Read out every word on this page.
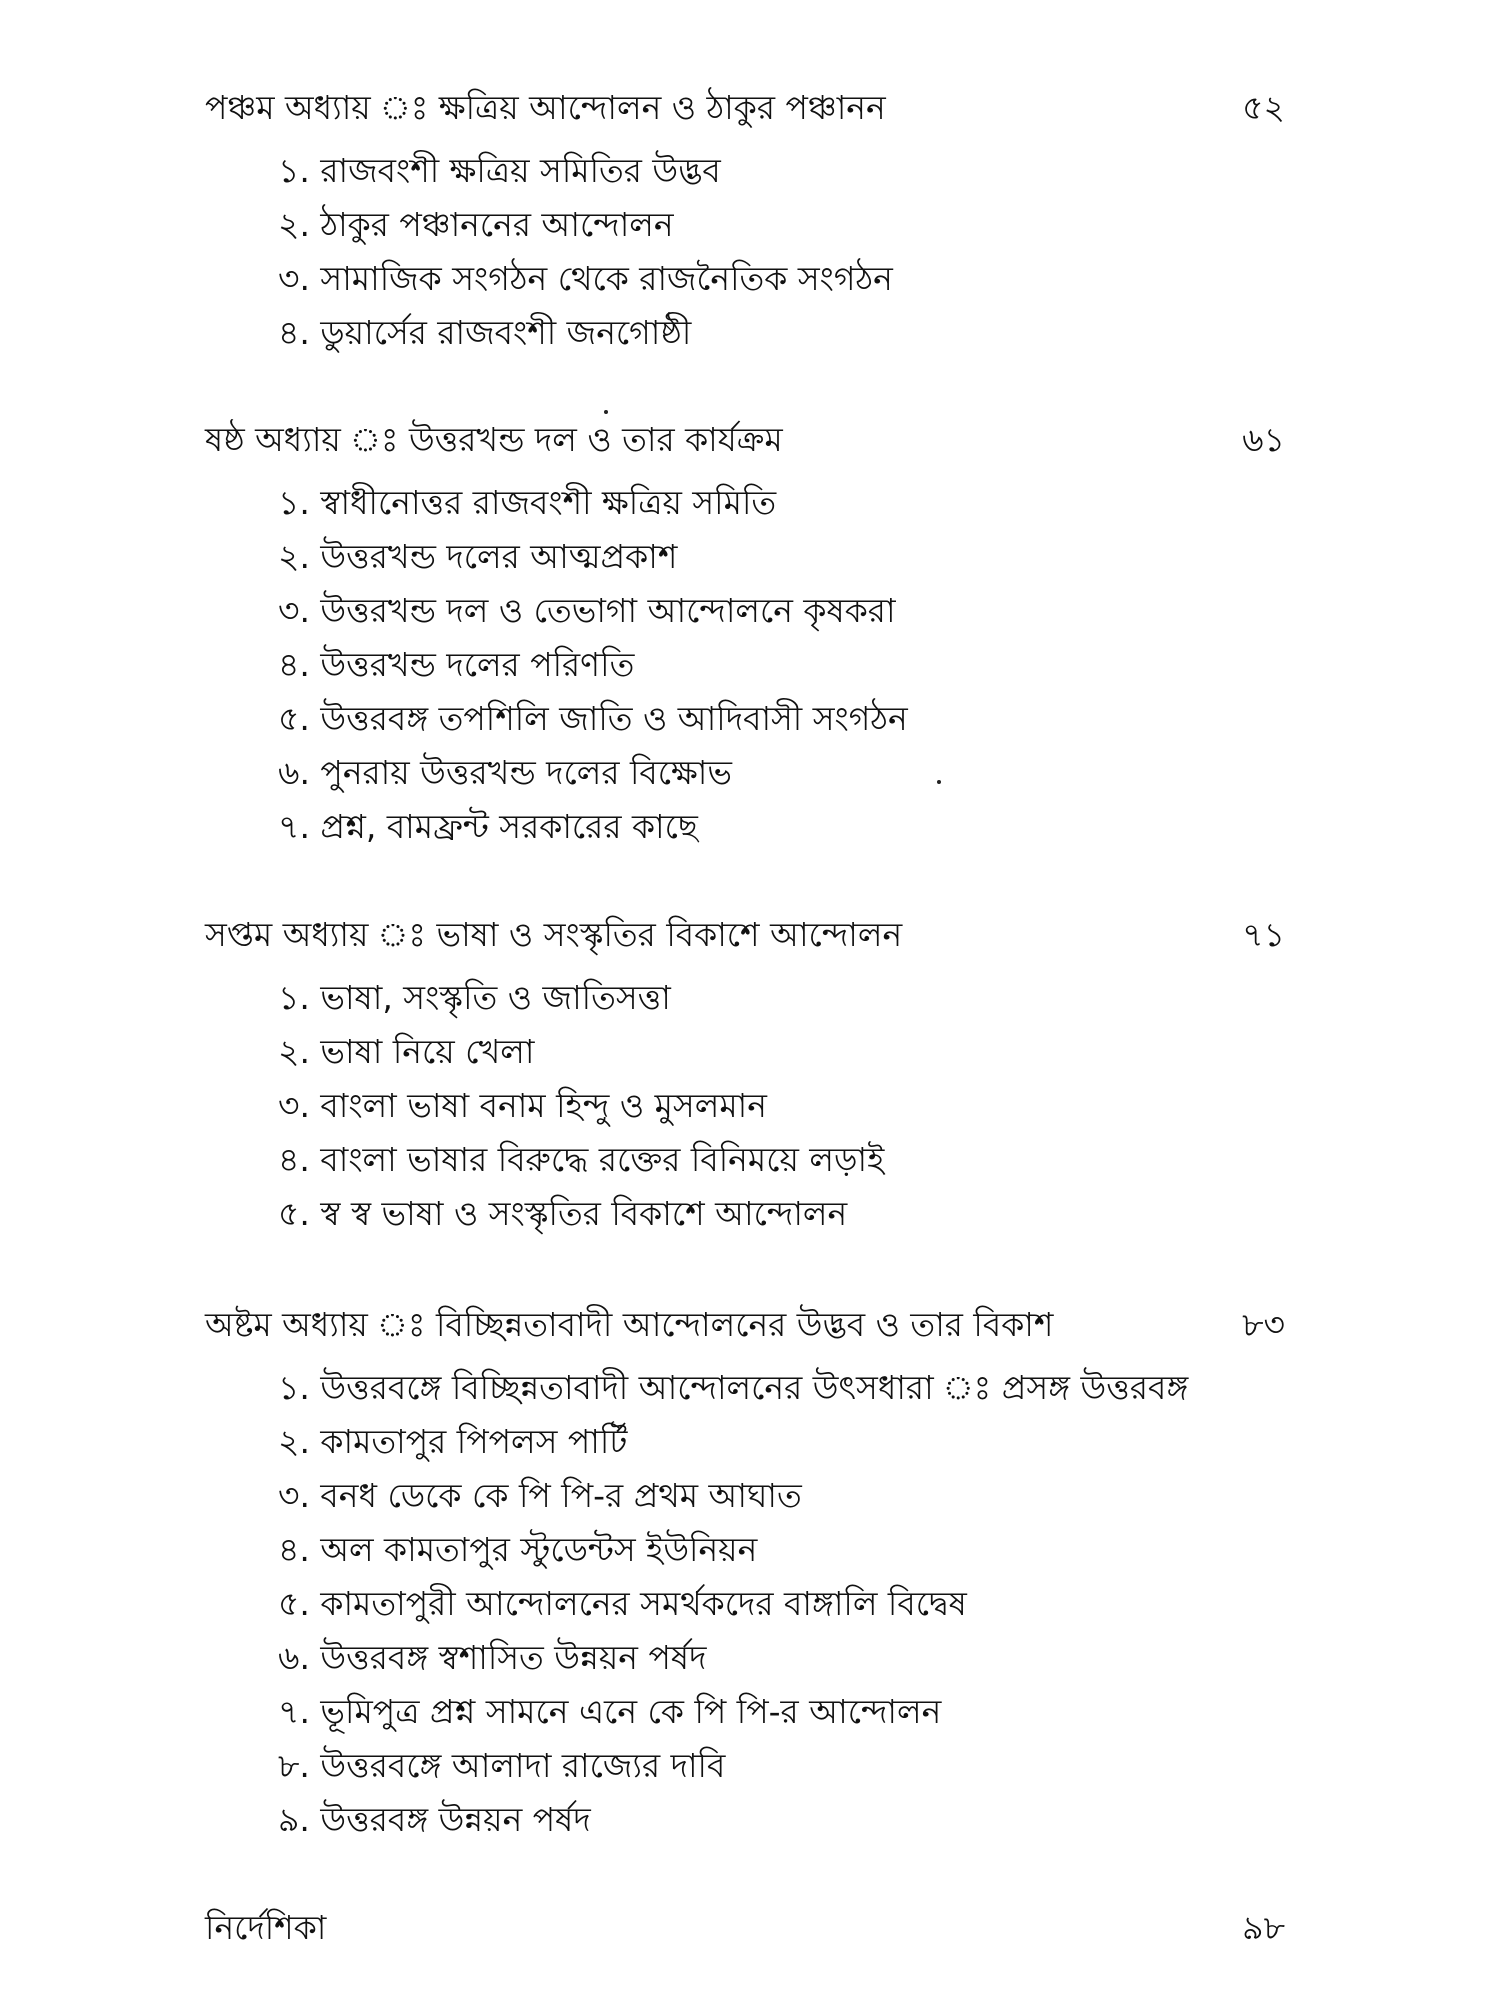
পঞ্চম অধ্যায় ঃ ক্ষত্রিয় আন্দোলন ও ঠাকুর পঞ্চানন	৫২
১. রাজবংশী ক্ষত্রিয় সমিতির উদ্ভব
২. ঠাকুর পঞ্চাননের আন্দোলন
৩. সামাজিক সংগঠন থেকে রাজনৈতিক সংগঠন
৪. ডুয়ার্সের রাজবংশী জনগোষ্ঠী
ষষ্ঠ অধ্যায় ঃ উত্তরখন্ড দল ও তার কার্যক্রম	৬১
১. স্বাধীনোত্তর রাজবংশী ক্ষত্রিয় সমিতি
২. উত্তরখন্ড দলের আত্মপ্রকাশ
৩. উত্তরখন্ড দল ও তেভাগা আন্দোলনে কৃষকরা
৪. উত্তরখন্ড দলের পরিণতি
৫. উত্তরবঙ্গ তপশিলি জাতি ও আদিবাসী সংগঠন
৬. পুনরায় উত্তরখন্ড দলের বিক্ষোভ
৭. প্রশ্ন, বামফ্রন্ট সরকারের কাছে
সপ্তম অধ্যায় ঃ ভাষা ও সংস্কৃতির বিকাশে আন্দোলন	৭১
১. ভাষা, সংস্কৃতি ও জাতিসত্তা
২. ভাষা নিয়ে খেলা
৩. বাংলা ভাষা বনাম হিন্দু ও মুসলমান
৪. বাংলা ভাষার বিরুদ্ধে রক্তের বিনিময়ে লড়াই
৫. স্ব স্ব ভাষা ও সংস্কৃতির বিকাশে আন্দোলন
অষ্টম অধ্যায় ঃ বিচ্ছিন্নতাবাদী আন্দোলনের উদ্ভব ও তার বিকাশ	৮৩
১. উত্তরবঙ্গে বিচ্ছিন্নতাবাদী আন্দোলনের উৎসধারা ঃ প্রসঙ্গ উত্তরবঙ্গ
২. কামতাপুর পিপলস পার্টি
৩. বনধ ডেকে কে পি পি-র প্রথম আঘাত
৪. অল কামতাপুর স্টুডেন্টস ইউনিয়ন
৫. কামতাপুরী আন্দোলনের সমর্থকদের বাঙ্গালি বিদ্বেষ
৬. উত্তরবঙ্গ স্বশাসিত উন্নয়ন পর্ষদ
৭. ভূমিপুত্র প্রশ্ন সামনে এনে কে পি পি-র আন্দোলন
৮. উত্তরবঙ্গে আলাদা রাজ্যের দাবি
৯. উত্তরবঙ্গ উন্নয়ন পর্ষদ
নির্দেশিকা	৯৮
